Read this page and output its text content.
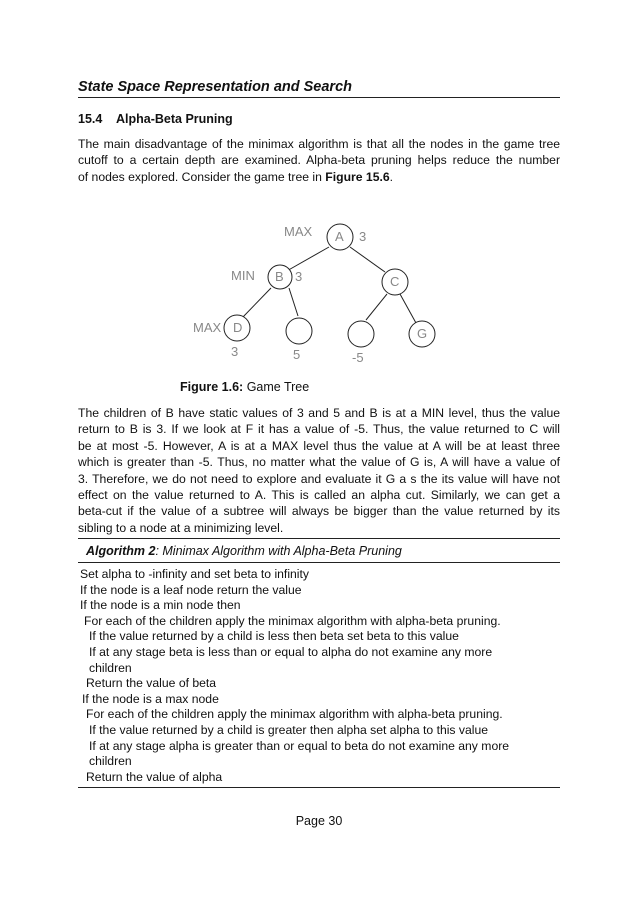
State Space Representation and Search
15.4 Alpha-Beta Pruning
The main disadvantage of the minimax algorithm is that all the nodes in the game tree
cutoff to a certain depth are examined. Alpha-beta pruning helps reduce the number
of nodes explored. Consider the game tree in Figure 15.6.
MAX A 3
MIN B 3	C
MAX D	G
3	5	-5
Figure 1.6: Game Tree
The children of B have static values of 3 and 5 and B is at a MIN level, thus the value
return to B is 3. If we look at F it has a value of -5. Thus, the value returned to C will
be at most -5. However, A is at a MAX level thus the value at A will be at least three
which is greater than -5. Thus, no matter what the value of G is, A will have a value of
3. Therefore, we do not need to explore and evaluate it G a s the its value will have not
effect on the value returned to A. This is called an alpha cut. Similarly, we can get a
beta-cut if the value of a subtree will always be bigger than the value returned by its
sibling to a node at a minimizing level.
Algorithm 2: Minimax Algorithm with Alpha-Beta Pruning
Set alpha to -infinity and set beta to infinity
If the node is a leaf node return the value
If the node is a min node then
For each of the children apply the minimax algorithm with alpha-beta pruning.
If the value returned by a child is less then beta set beta to this value
If at any stage beta is less than or equal to alpha do not examine any more
children
Return the value of beta
If the node is a max node
For each of the children apply the minimax algorithm with alpha-beta pruning.
If the value returned by a child is greater then alpha set alpha to this value
If at any stage alpha is greater than or equal to beta do not examine any more
children
Return the value of alpha
Page 30
